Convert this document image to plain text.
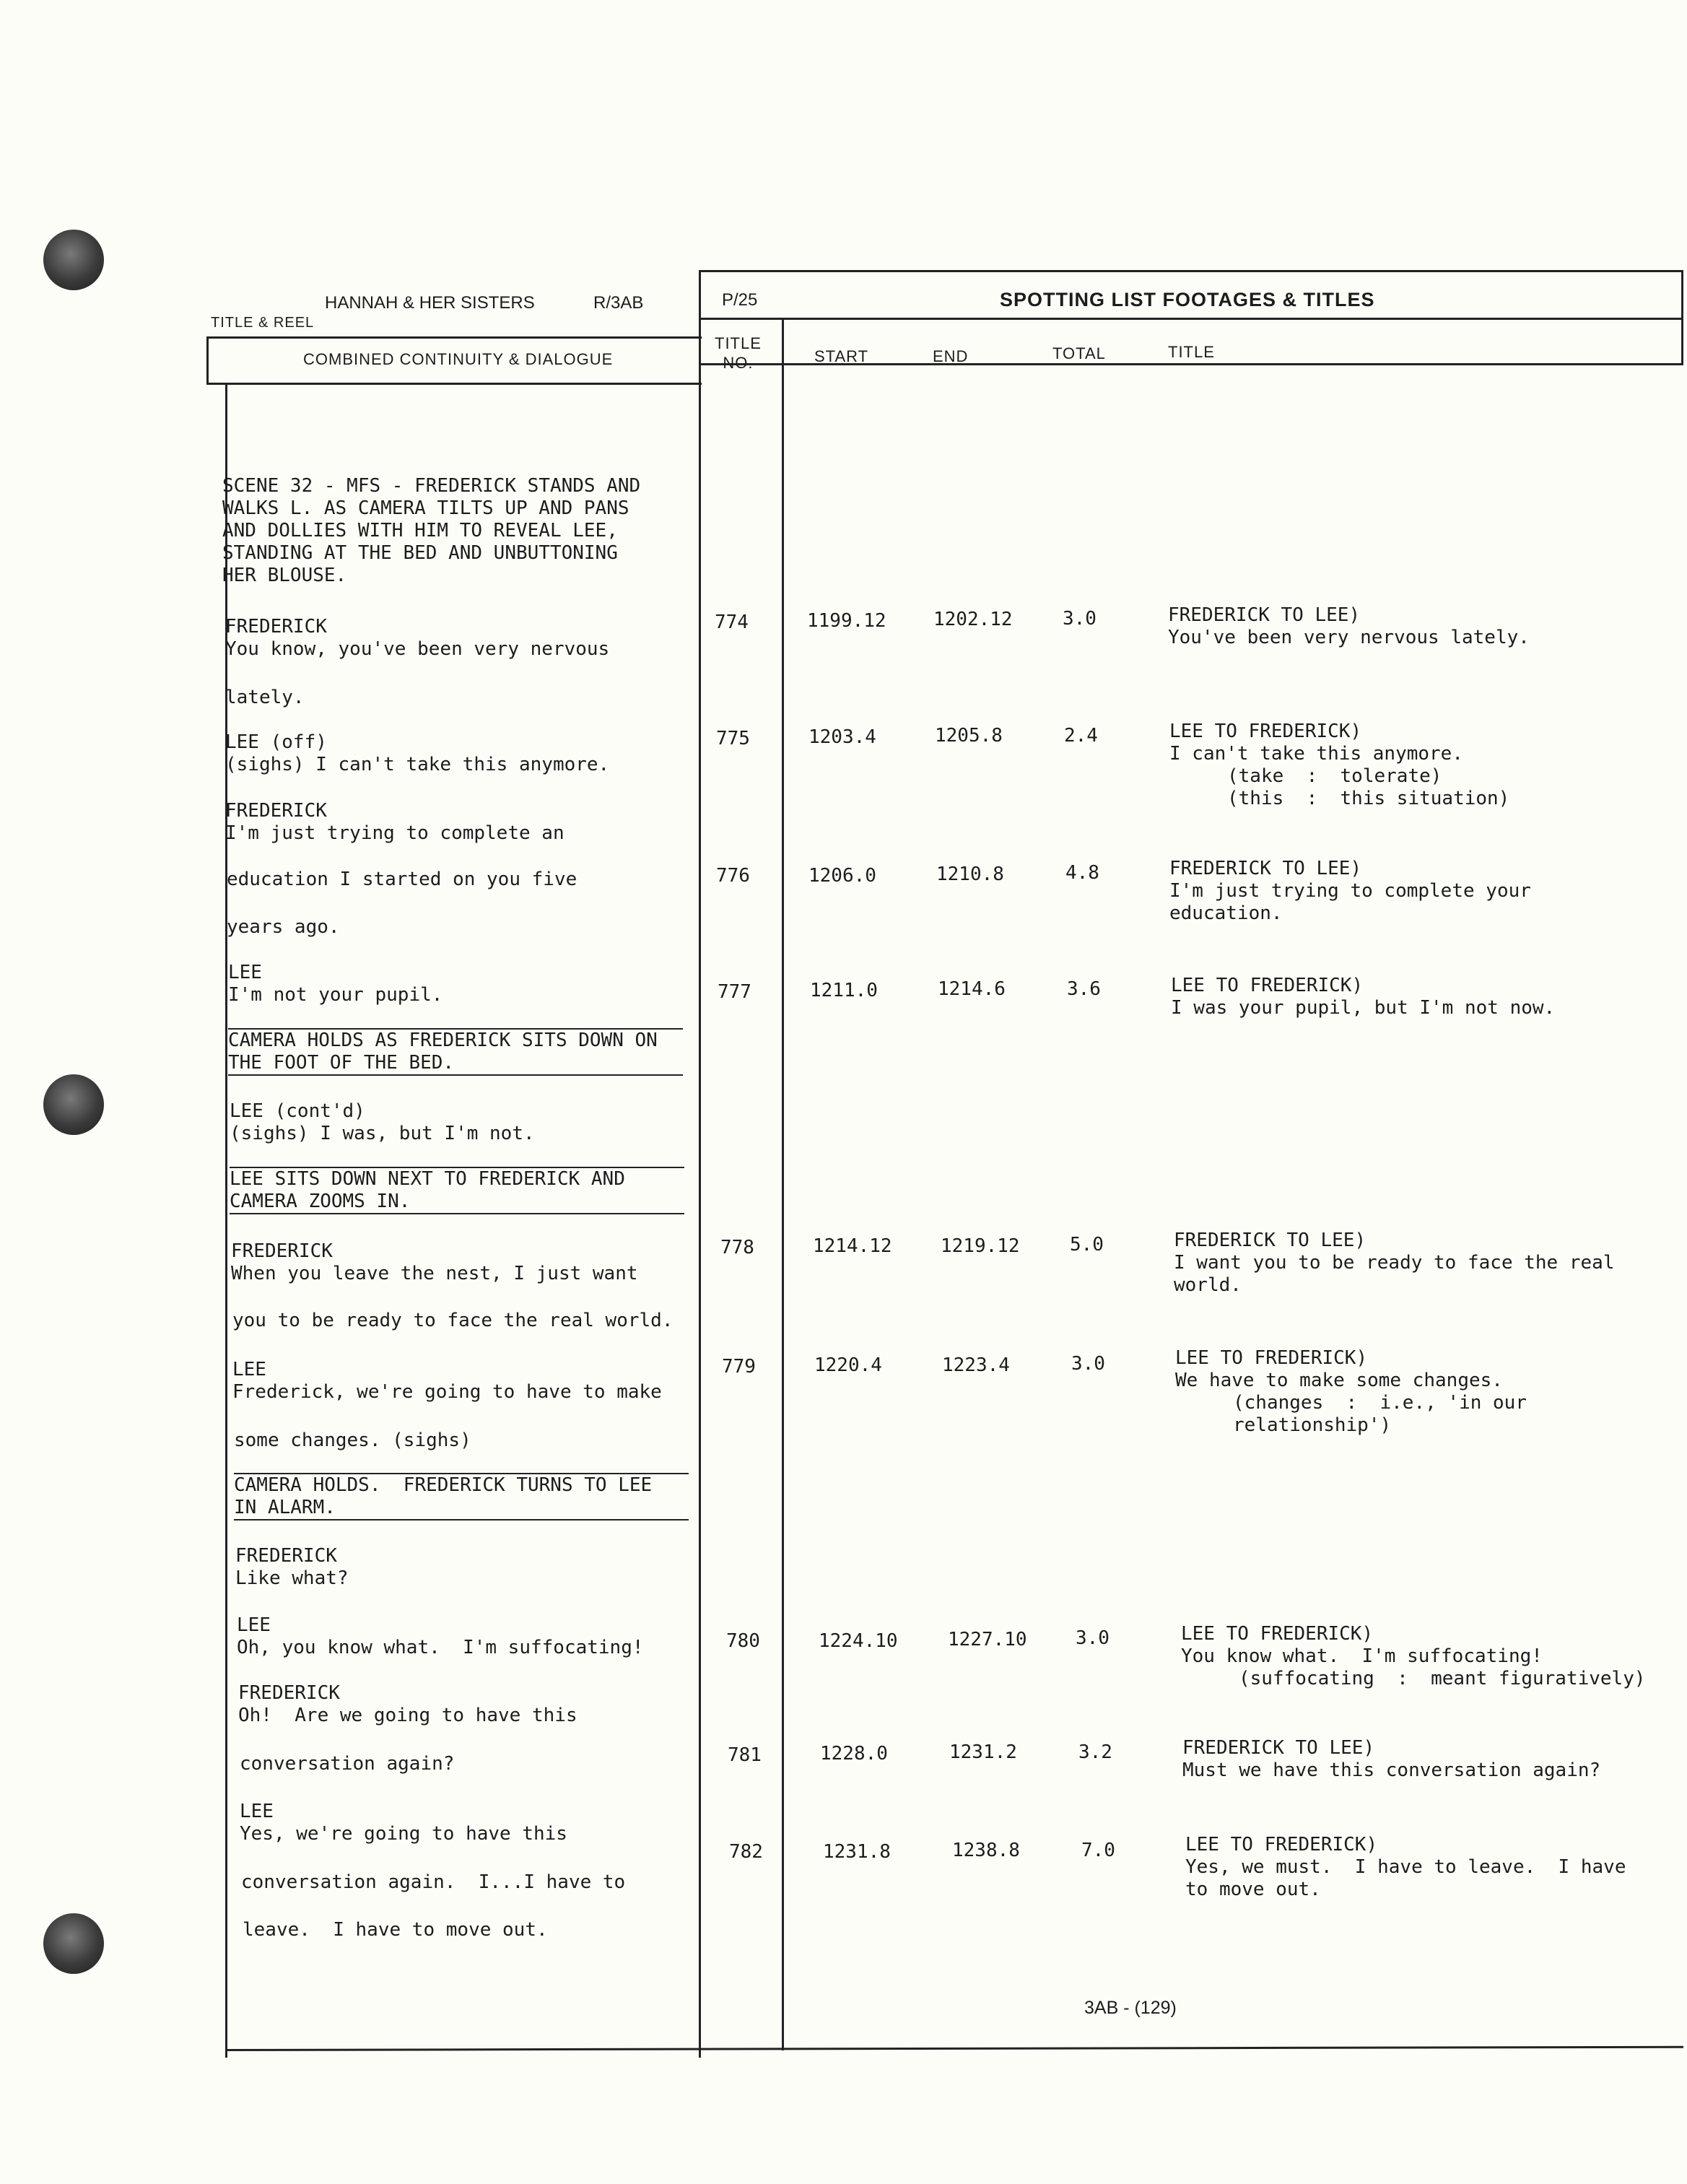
TITLE & REEL
HANNAH & HER SISTERS	R/3AB	P/25	SPOTTING LIST FOOTAGES & TITLES
COMBINED CONTINUITY & DIALOGUE
TITLE
NO.	START	END	TOTAL	TITLE
SCENE 32 - MFS - FREDERICK STANDS AND
WALKS L. AS CAMERA TILTS UP AND PANS
AND DOLLIES WITH HIM TO REVEAL LEE,
STANDING AT THE BED AND UNBUTTONING
HER BLOUSE.
FREDERICK
You know, you've been very nervous
lately.
LEE (off)
(sighs) I can't take this anymore.
FREDERICK
I'm just trying to complete an
education I started on you five
years ago.
LEE
I'm not your pupil.
CAMERA HOLDS AS FREDERICK SITS DOWN ON
THE FOOT OF THE BED.
LEE (cont'd)
(sighs) I was, but I'm not.
LEE SITS DOWN NEXT TO FREDERICK AND
CAMERA ZOOMS IN.
FREDERICK
When you leave the nest, I just want
you to be ready to face the real world.
LEE
Frederick, we're going to have to make
some changes. (sighs)
CAMERA HOLDS.  FREDERICK TURNS TO LEE
IN ALARM.
FREDERICK
Like what?
LEE
Oh, you know what.  I'm suffocating!
FREDERICK
Oh!  Are we going to have this
conversation again?
LEE
Yes, we're going to have this
conversation again.  I...I have to
leave.  I have to move out.
774	1199.12	1202.12	3.0	FREDERICK TO LEE)
You've been very nervous lately.
775	1203.4	1205.8	2.4	LEE TO FREDERICK)
I can't take this anymore.
(take  :  tolerate)
(this  :  this situation)
776	1206.0	1210.8	4.8	FREDERICK TO LEE)
I'm just trying to complete your
education.
777	1211.0	1214.6	3.6	LEE TO FREDERICK)
I was your pupil, but I'm not now.
778	1214.12	1219.12	5.0	FREDERICK TO LEE)
I want you to be ready to face the real
world.
779	1220.4	1223.4	3.0	LEE TO FREDERICK)
We have to make some changes.
(changes  :  i.e., 'in our
relationship')
780	1224.10	1227.10	3.0	LEE TO FREDERICK)
You know what.  I'm suffocating!
(suffocating  :  meant figuratively)
781	1228.0	1231.2	3.2	FREDERICK TO LEE)
Must we have this conversation again?
782	1231.8	1238.8	7.0	LEE TO FREDERICK)
Yes, we must.  I have to leave.  I have
to move out.
3AB - (129)
